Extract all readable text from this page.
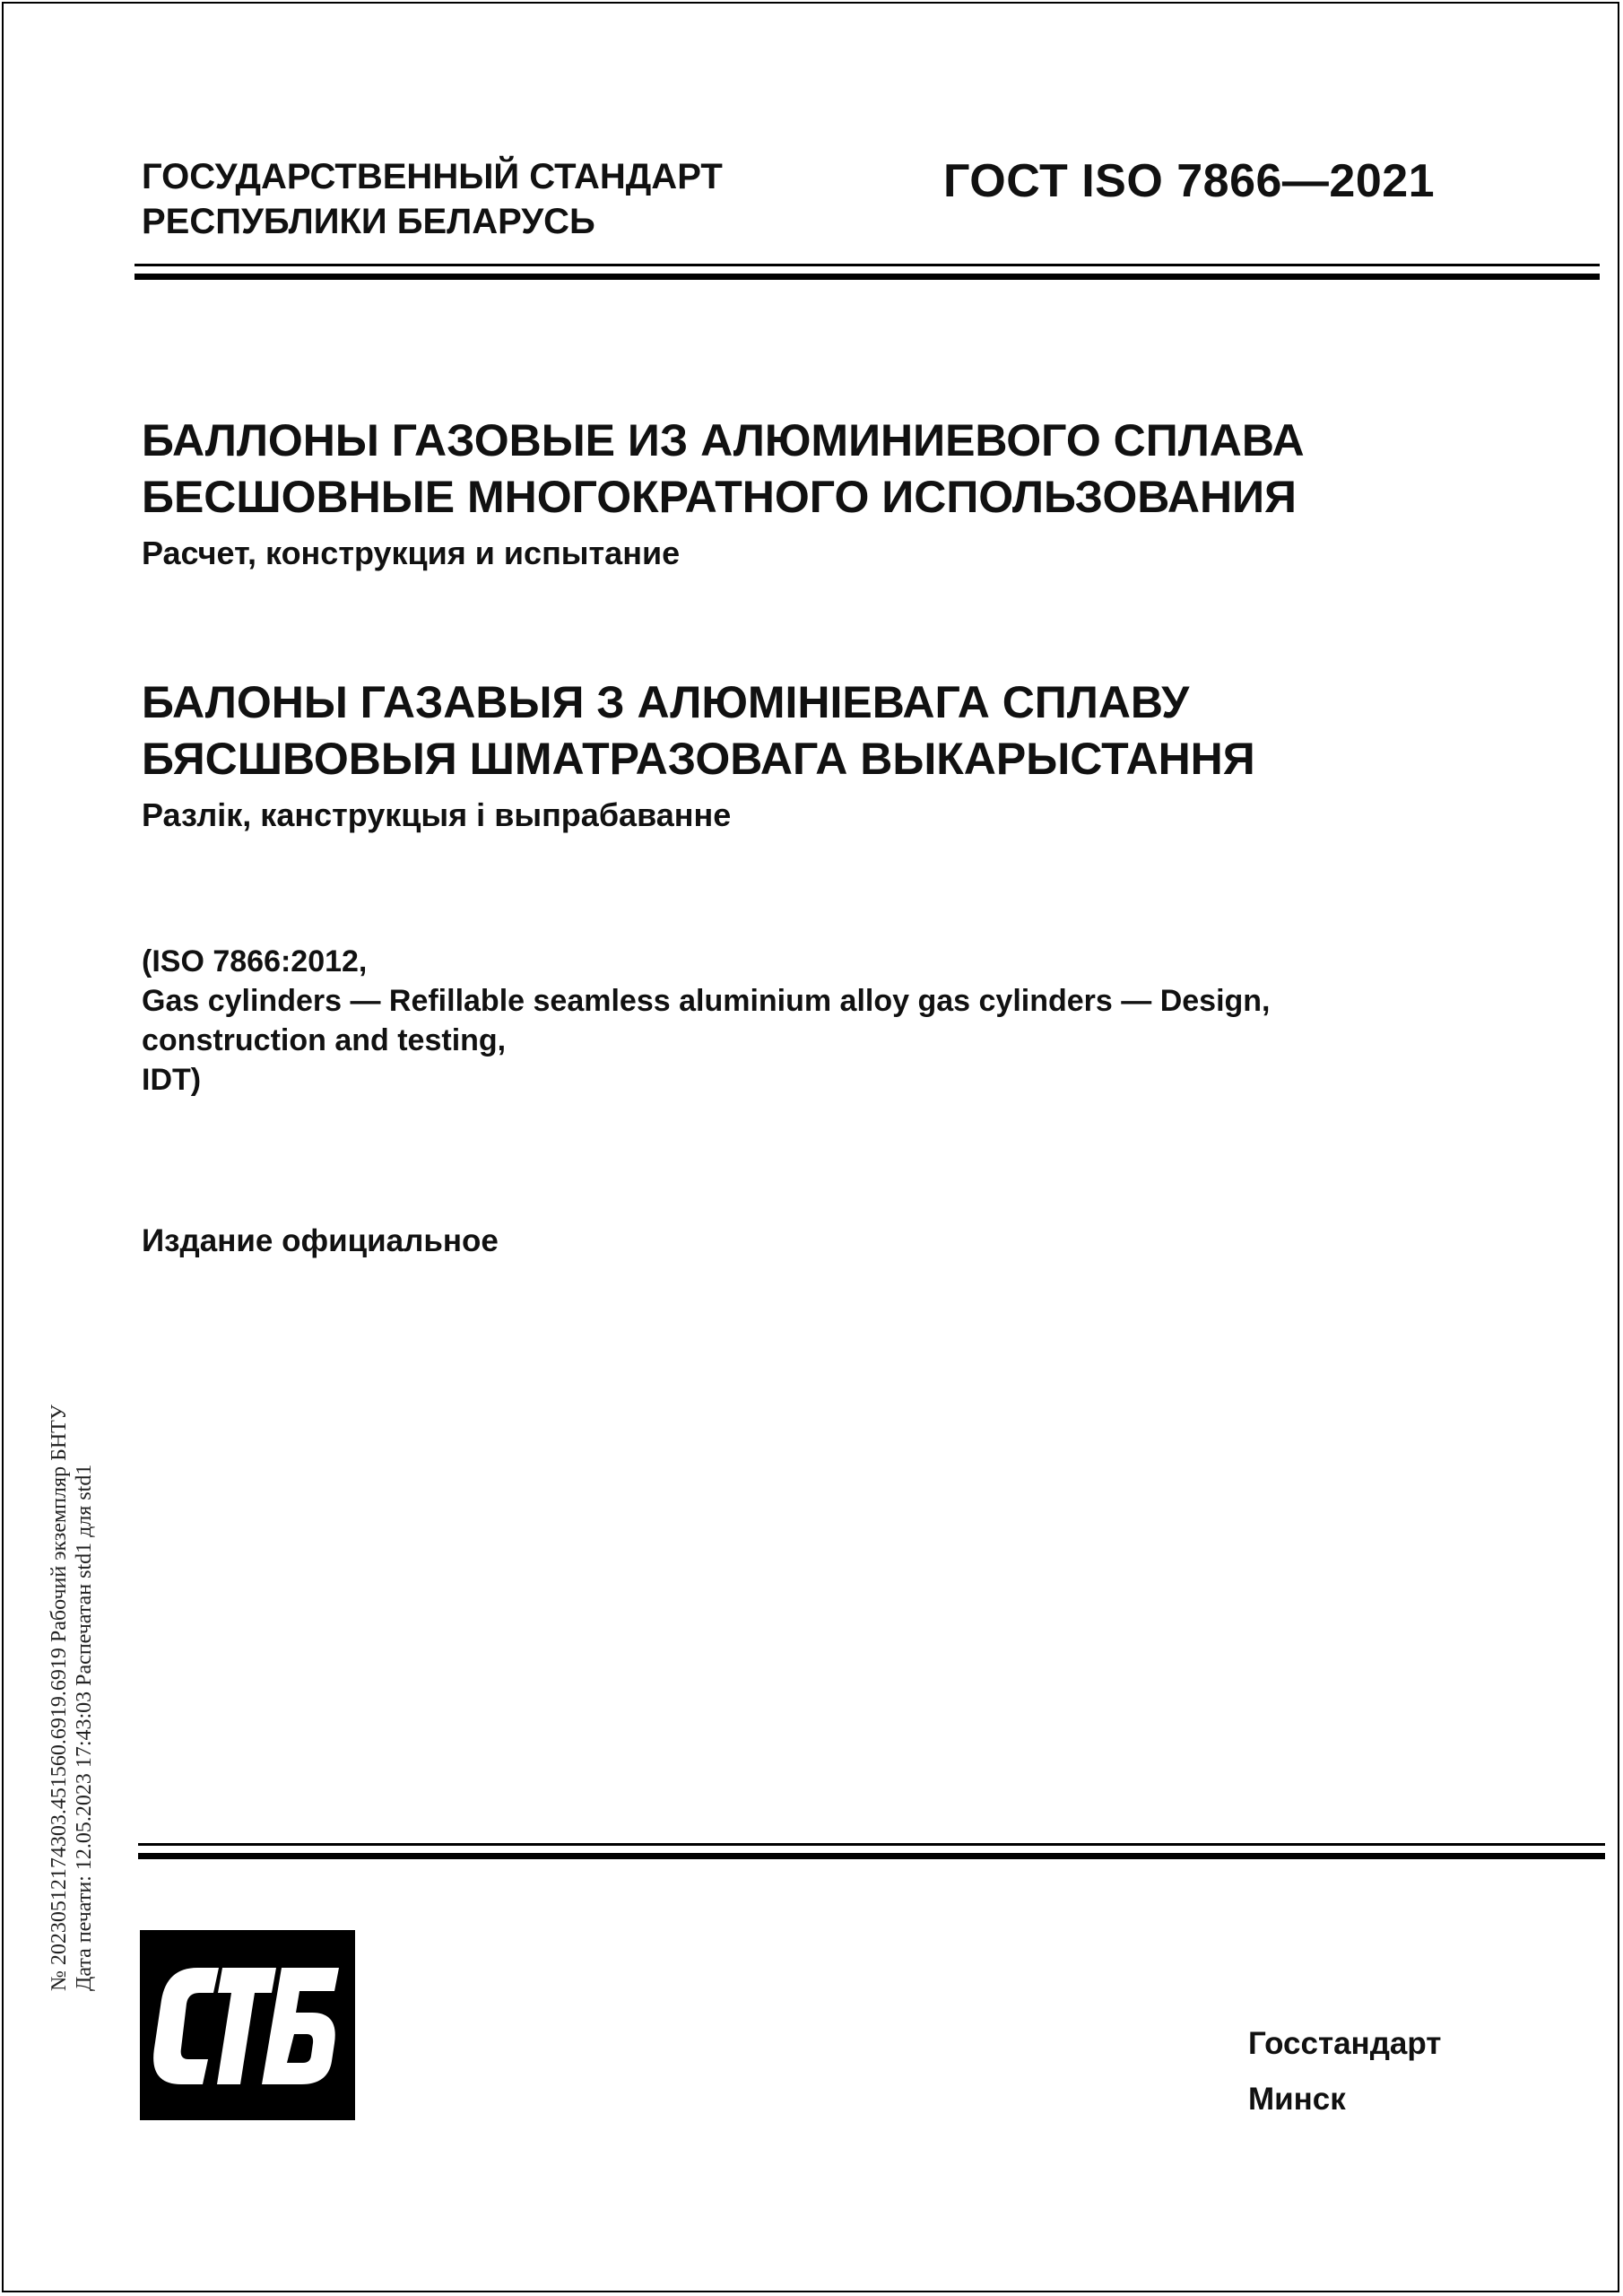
ГОСУДАРСТВЕННЫЙ СТАНДАРТ
РЕСПУБЛИКИ БЕЛАРУСЬ
ГОСТ ISO 7866—2021
БАЛЛОНЫ ГАЗОВЫЕ ИЗ АЛЮМИНИЕВОГО СПЛАВА
БЕСШОВНЫЕ МНОГОКРАТНОГО ИСПОЛЬЗОВАНИЯ
Расчет, конструкция и испытание
БАЛОНЫ ГАЗАВЫЯ З АЛЮМІНІЕВАГА СПЛАВУ
БЯСШВОВЫЯ ШМАТРАЗОВАГА ВЫКАРЫСТАННЯ
Разлік, канструкцыя і выпрабаванне
(ISO 7866:2012,
Gas cylinders — Refillable seamless aluminium alloy gas cylinders — Design,
construction and testing,
IDT)
Издание официальное
№ 20230512174303.451560.6919.6919 Рабочий экземпляр БНТУ Дата печати: 12.05.2023 17:43:03 Распечатан std1 для std1
Госстандарт
Минск
